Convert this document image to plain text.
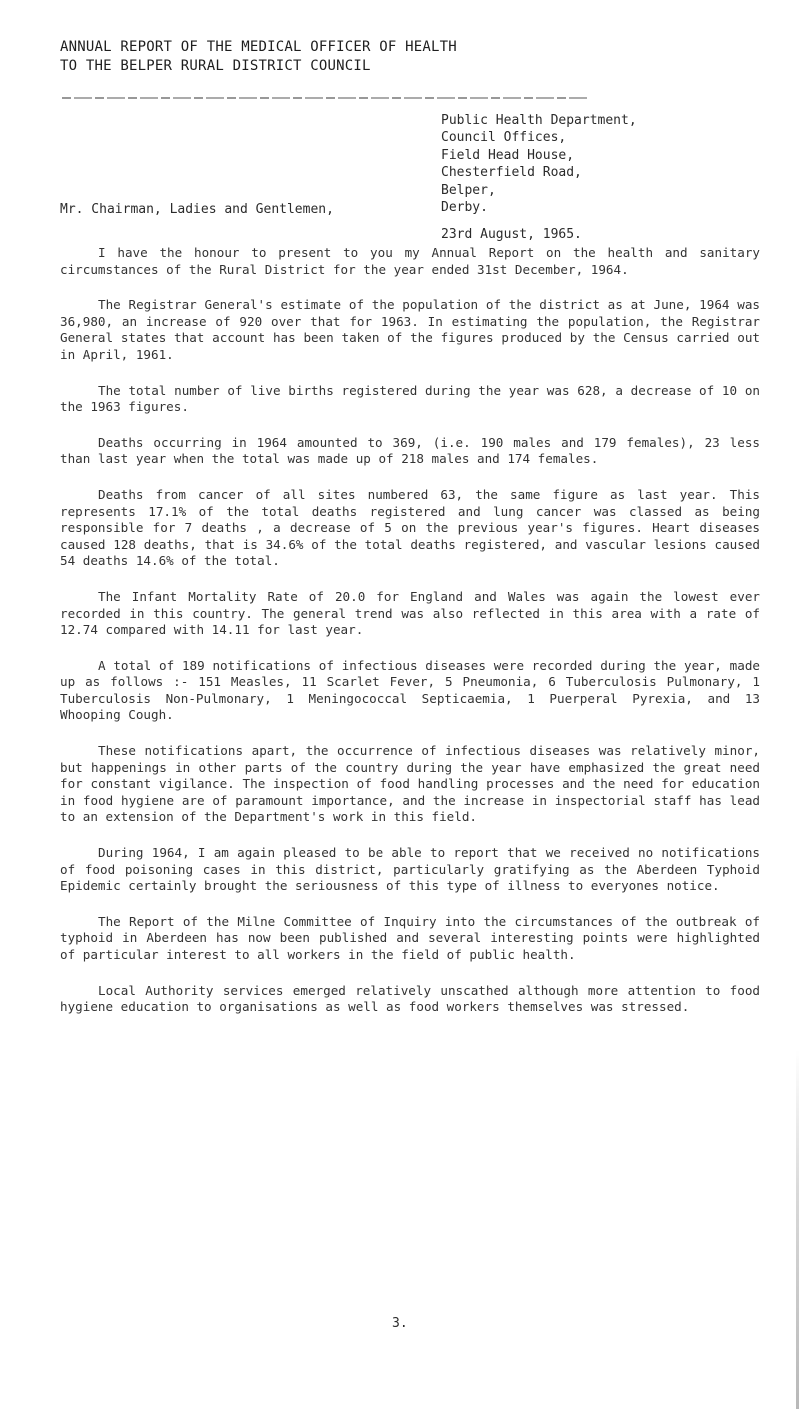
ANNUAL REPORT OF THE MEDICAL OFFICER OF HEALTH
TO THE BELPER RURAL DISTRICT COUNCIL
Public Health Department,
Council Offices,
Field Head House,
Chesterfield Road,
Belper,
Derby.
23rd August, 1965.
Mr. Chairman, Ladies and Gentlemen,

I have the honour to present to you my Annual Report on the health and sanitary circumstances of the Rural District for the year ended 31st December, 1964.

The Registrar General's estimate of the population of the district as at June, 1964 was 36,980, an increase of 920 over that for 1963. In estimating the population, the Registrar General states that account has been taken of the figures produced by the Census carried out in April, 1961.

The total number of live births registered during the year was 628, a decrease of 10 on the 1963 figures.

Deaths occurring in 1964 amounted to 369, (i.e. 190 males and 179 females), 23 less than last year when the total was made up of 218 males and 174 females.

Deaths from cancer of all sites numbered 63, the same figure as last year. This represents 17.1% of the total deaths registered and lung cancer was classed as being responsible for 7 deaths , a decrease of 5 on the previous year's figures. Heart diseases caused 128 deaths, that is 34.6% of the total deaths registered, and vascular lesions caused 54 deaths 14.6% of the total.

The Infant Mortality Rate of 20.0 for England and Wales was again the lowest ever recorded in this country. The general trend was also reflected in this area with a rate of 12.74 compared with 14.11 for last year.

A total of 189 notifications of infectious diseases were recorded during the year, made up as follows :- 151 Measles, 11 Scarlet Fever, 5 Pneumonia, 6 Tuberculosis Pulmonary, 1 Tuberculosis Non-Pulmonary, 1 Meningococcal Septicaemia, 1 Puerperal Pyrexia, and 13 Whooping Cough.

These notifications apart, the occurrence of infectious diseases was relatively minor, but happenings in other parts of the country during the year have emphasized the great need for constant vigilance. The inspection of food handling processes and the need for education in food hygiene are of paramount importance, and the increase in inspectorial staff has lead to an extension of the Department's work in this field.

During 1964, I am again pleased to be able to report that we received no notifications of food poisoning cases in this district, particularly gratifying as the Aberdeen Typhoid Epidemic certainly brought the seriousness of this type of illness to everyones notice.

The Report of the Milne Committee of Inquiry into the circumstances of the outbreak of typhoid in Aberdeen has now been published and several interesting points were highlighted of particular interest to all workers in the field of public health.

Local Authority services emerged relatively unscathed although more attention to food hygiene education to organisations as well as food workers themselves was stressed.

3.
